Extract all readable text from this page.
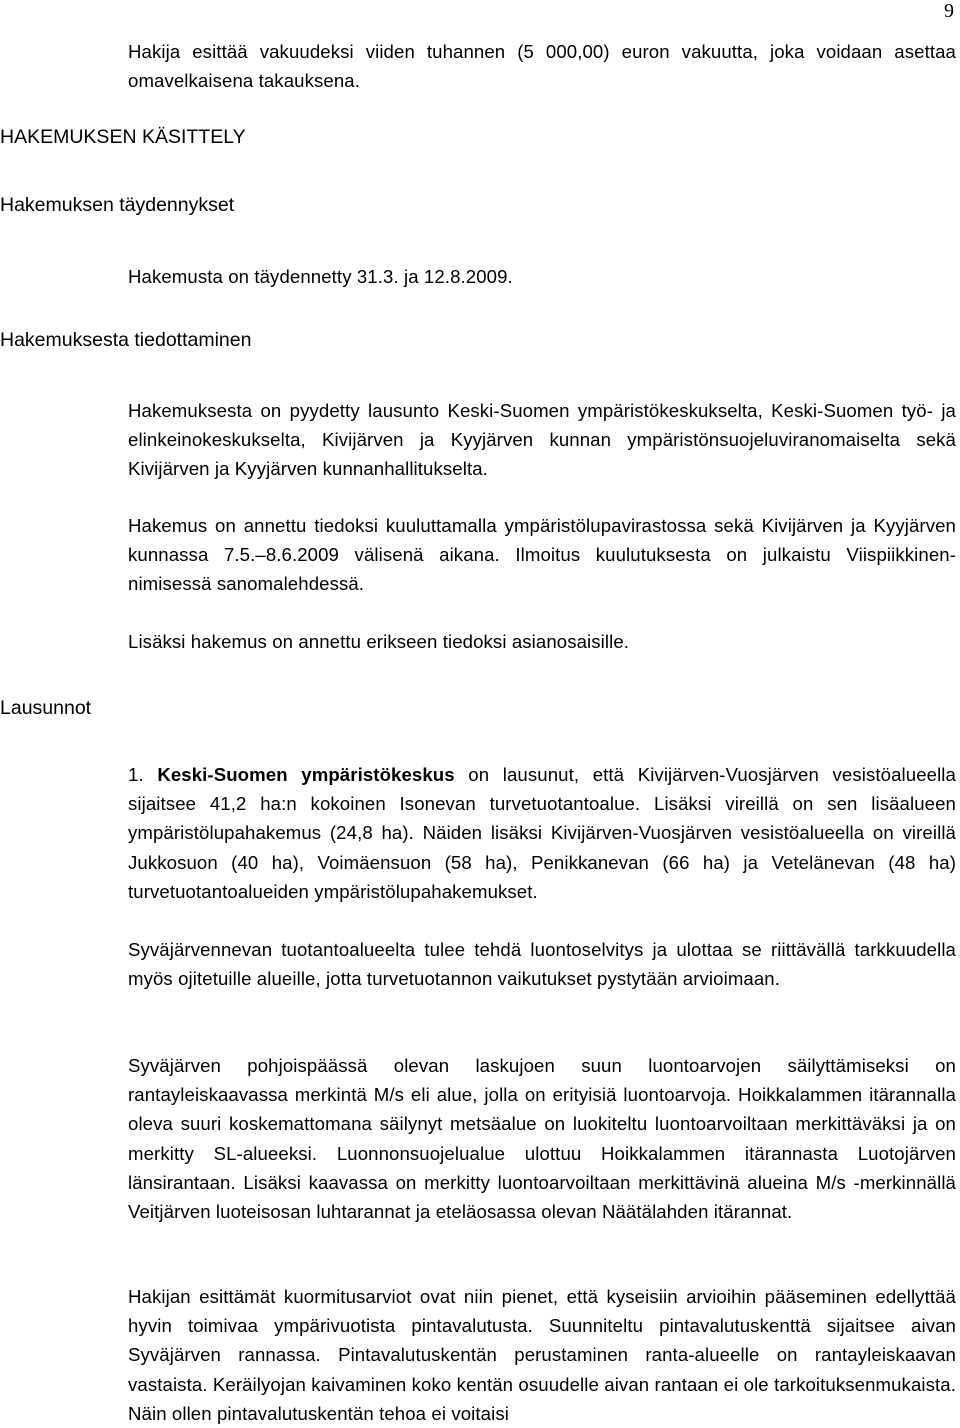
9

Hakija esittää vakuudeksi viiden tuhannen (5 000,00) euron vakuutta, joka voidaan asettaa omavelkaisena takauksena.

HAKEMUKSEN KÄSITTELY
Hakemuksen täydennykset

Hakemusta on täydennetty 31.3. ja 12.8.2009.

Hakemuksesta tiedottaminen

Hakemuksesta on pyydetty lausunto Keski-Suomen ympäristökeskukselta, Keski-Suomen työ- ja elinkeinokeskukselta, Kivijärven ja Kyyjärven kunnan ympäristönsuojeluviranomaiselta sekä Kivijärven ja Kyyjärven kunnanhallitukselta.

Hakemus on annettu tiedoksi kuuluttamalla ympäristölupavirastossa sekä Kivijärven ja Kyyjärven kunnassa 7.5.–8.6.2009 välisenä aikana. Ilmoitus kuulutuksesta on julkaistu Viispiikkinen-nimisessä sanomalehdessä.

Lisäksi hakemus on annettu erikseen tiedoksi asianosaisille.

Lausunnot

1. Keski-Suomen ympäristökeskus on lausunut, että Kivijärven-Vuosjärven vesistöalueella sijaitsee 41,2 ha:n kokoinen Isonevan turvetuotantoalue. Lisäksi vireillä on sen lisäalueen ympäristölupahakemus (24,8 ha). Näiden lisäksi Kivijärven-Vuosjärven vesistöalueella on vireillä Jukkosuon (40 ha), Voimäensuon (58 ha), Penikkanevan (66 ha) ja Vetelänevan (48 ha) turvetuotantoalueiden ympäristölupahakemukset.

Syväjärvennevan tuotantoalueelta tulee tehdä luontoselvitys ja ulottaa se riittävällä tarkkuudella myös ojitetuille alueille, jotta turvetuotannon vaikutukset pystytään arvioimaan.

Syväjärven pohjoispäässä olevan laskujoen suun luontoarvojen säilyttämiseksi on rantayleiskaavassa merkintä M/s eli alue, jolla on erityisiä luontoarvoja. Hoikkalammen itärannalla oleva suuri koskemattomana säilynyt metsäalue on luokiteltu luontoarvoiltaan merkittäväksi ja on merkitty SL-alueeksi. Luonnonsuojelualue ulottuu Hoikkalammen itärannasta Luotojärven länsirantaan. Lisäksi kaavassa on merkitty luontoarvoiltaan merkittävinä alueina M/s -merkinnällä Veitjärven luoteisosan luhtarannat ja eteläosassa olevan Näätälahden itärannat.

Hakijan esittämät kuormitusarviot ovat niin pienet, että kyseisiin arvioihin pääseminen edellyttää hyvin toimivaa ympärivuotista pintavalutusta. Suunniteltu pintavalutuskenttä sijaitsee aivan Syväjärven rannassa. Pintavalutuskentän perustaminen ranta-alueelle on rantayleiskaavan vastaista. Keräilyojan kaivaminen koko kentän osuudelle aivan rantaan ei ole tarkoituksenmukaista. Näin ollen pintavalutuskentän tehoa ei voitaisi
